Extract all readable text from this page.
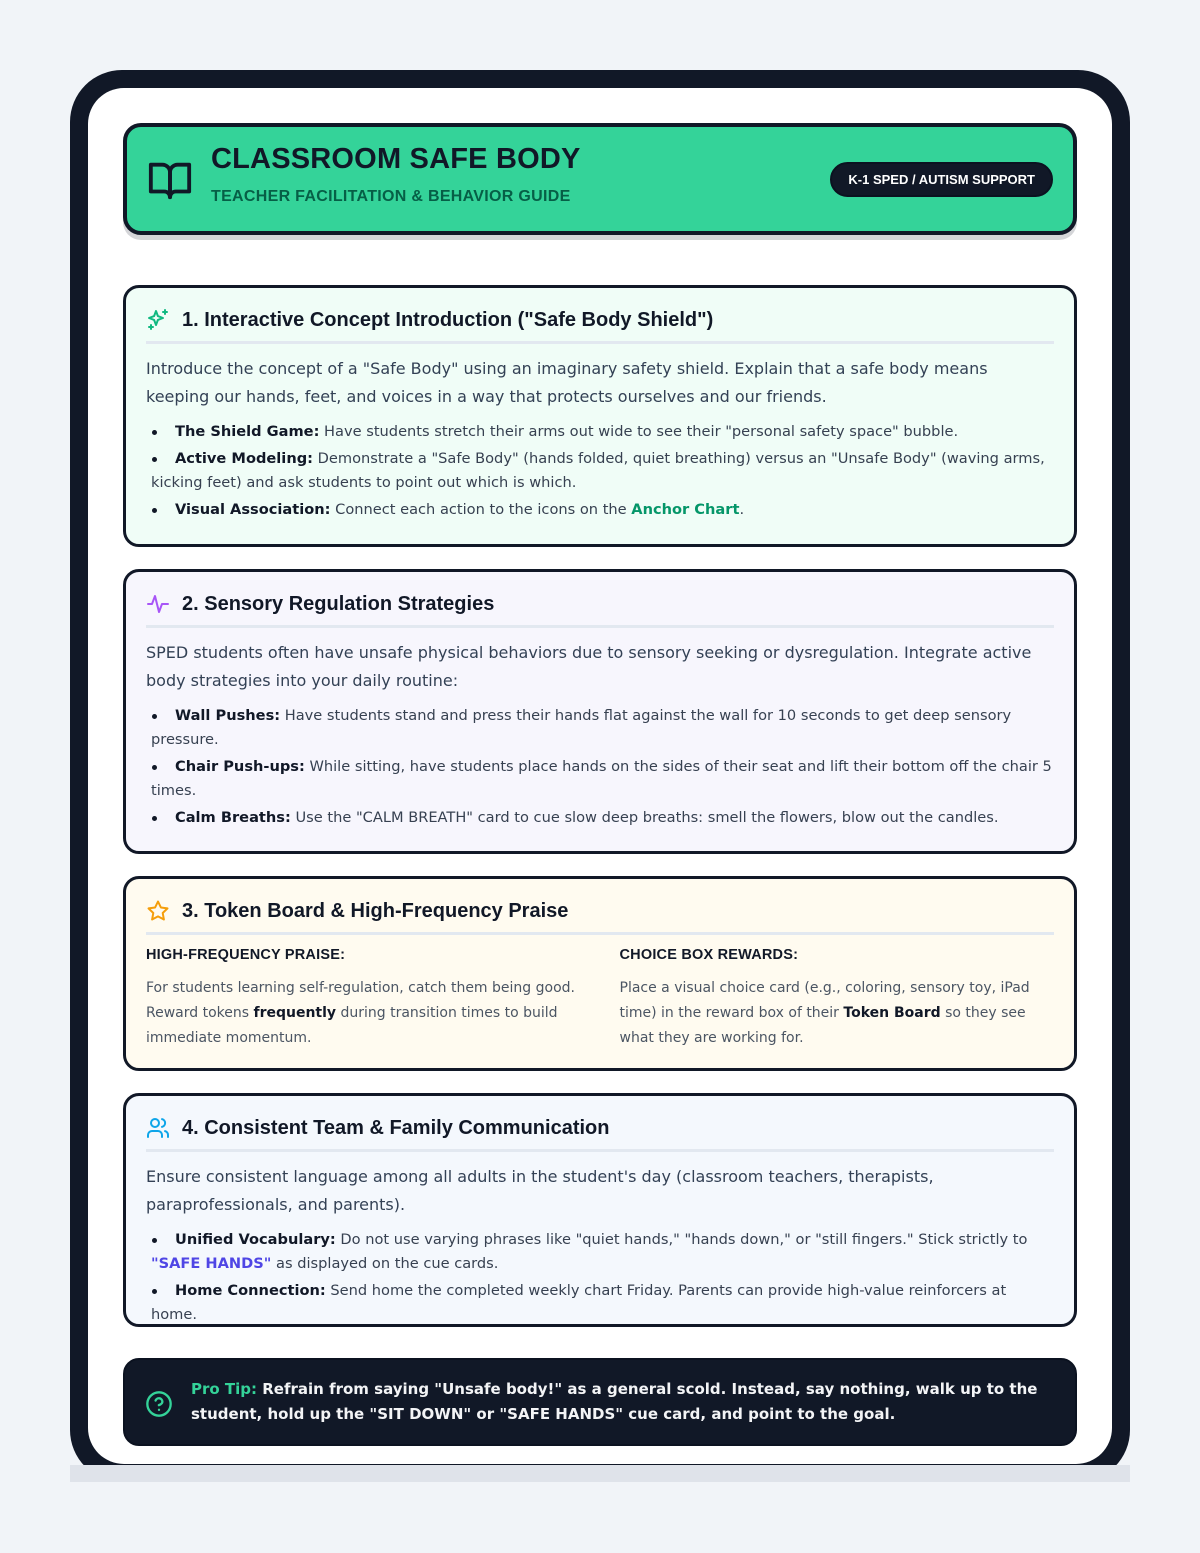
CLASSROOM SAFE BODY
TEACHER FACILITATION & BEHAVIOR GUIDE
K-1 SPED / AUTISM SUPPORT
1. Interactive Concept Introduction ("Safe Body Shield")

Introduce the concept of a "Safe Body" using an imaginary safety shield. Explain that a safe body means keeping our hands, feet, and voices in a way that protects ourselves and our friends.

The Shield Game: Have students stretch their arms out wide to see their "personal safety space" bubble.
Active Modeling: Demonstrate a "Safe Body" (hands folded, quiet breathing) versus an "Unsafe Body" (waving arms, kicking feet) and ask students to point out which is which.
Visual Association: Connect each action to the icons on the Anchor Chart.
2. Sensory Regulation Strategies

SPED students often have unsafe physical behaviors due to sensory seeking or dysregulation. Integrate active body strategies into your daily routine:

Wall Pushes: Have students stand and press their hands flat against the wall for 10 seconds to get deep sensory pressure.
Chair Push-ups: While sitting, have students place hands on the sides of their seat and lift their bottom off the chair 5 times.
Calm Breaths: Use the "CALM BREATH" card to cue slow deep breaths: smell the flowers, blow out the candles.
3. Token Board & High-Frequency Praise
HIGH-FREQUENCY PRAISE:
For students learning self-regulation, catch them being good. Reward tokens frequently during transition times to build immediate momentum.
CHOICE BOX REWARDS:
Place a visual choice card (e.g., coloring, sensory toy, iPad time) in the reward box of their Token Board so they see what they are working for.
4. Consistent Team & Family Communication

Ensure consistent language among all adults in the student's day (classroom teachers, therapists, paraprofessionals, and parents).

Unified Vocabulary: Do not use varying phrases like "quiet hands," "hands down," or "still fingers." Stick strictly to "SAFE HANDS" as displayed on the cue cards.
Home Connection: Send home the completed weekly chart Friday. Parents can provide high-value reinforcers at home.
Pro Tip: Refrain from saying "Unsafe body!" as a general scold. Instead, say nothing, walk up to the student, hold up the "SIT DOWN" or "SAFE HANDS" cue card, and point to the goal.
